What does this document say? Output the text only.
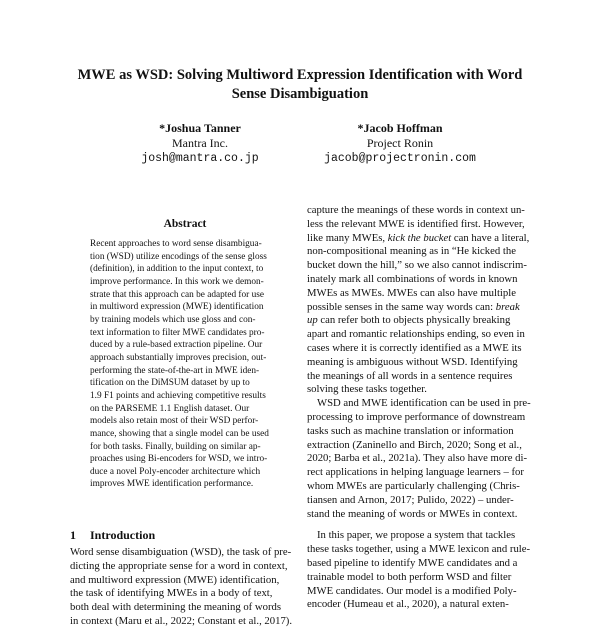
MWE as WSD: Solving Multiword Expression Identification with Word
Sense Disambiguation
*Joshua Tanner
Mantra Inc.
josh@mantra.co.jp
*Jacob Hoffman
Project Ronin
jacob@projectronin.com
Abstract
Recent approaches to word sense disambigua-
tion (WSD) utilize encodings of the sense gloss
(definition), in addition to the input context, to
improve performance. In this work we demon-
strate that this approach can be adapted for use
in multiword expression (MWE) identification
by training models which use gloss and con-
text information to filter MWE candidates pro-
duced by a rule-based extraction pipeline. Our
approach substantially improves precision, out-
performing the state-of-the-art in MWE iden-
tification on the DiMSUM dataset by up to
1.9 F1 points and achieving competitive results
on the PARSEME 1.1 English dataset. Our
models also retain most of their WSD perfor-
mance, showing that a single model can be used
for both tasks. Finally, building on similar ap-
proaches using Bi-encoders for WSD, we intro-
duce a novel Poly-encoder architecture which
improves MWE identification performance.
1 Introduction
Word sense disambiguation (WSD), the task of pre-
dicting the appropriate sense for a word in context,
and multiword expression (MWE) identification,
the task of identifying MWEs in a body of text,
both deal with determining the meaning of words
in context (Maru et al., 2022; Constant et al., 2017).
capture the meanings of these words in context un-
less the relevant MWE is identified first. However,
like many MWEs, kick the bucket can have a literal,
non-compositional meaning as in “He kicked the
bucket down the hill,” so we also cannot indiscrim-
inately mark all combinations of words in known
MWEs as MWEs. MWEs can also have multiple
possible senses in the same way words can: break
up can refer both to objects physically breaking
apart and romantic relationships ending, so even in
cases where it is correctly identified as a MWE its
meaning is ambiguous without WSD. Identifying
the meanings of all words in a sentence requires
solving these tasks together.
WSD and MWE identification can be used in pre-
processing to improve performance of downstream
tasks such as machine translation or information
extraction (Zaninello and Birch, 2020; Song et al.,
2020; Barba et al., 2021a). They also have more di-
rect applications in helping language learners – for
whom MWEs are particularly challenging (Chris-
tiansen and Arnon, 2017; Pulido, 2022) – under-
stand the meaning of words or MWEs in context.
In this paper, we propose a system that tackles
these tasks together, using a MWE lexicon and rule-
based pipeline to identify MWE candidates and a
trainable model to both perform WSD and filter
MWE candidates. Our model is a modified Poly-
encoder (Humeau et al., 2020), a natural exten-
